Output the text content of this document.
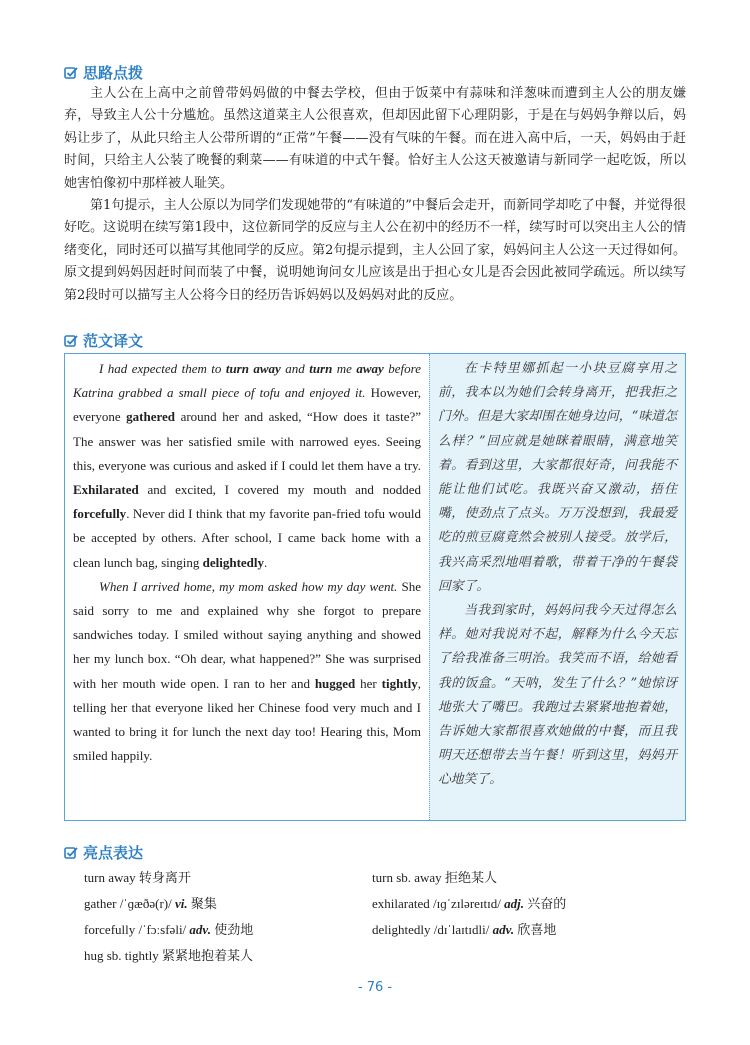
思路点拨
主人公在上高中之前曾带妈妈做的中餐去学校，但由于饭菜中有蒜味和洋葱味而遭到主人公的朋友嫌弃，导致主人公十分尴尬。虽然这道菜主人公很喜欢，但却因此留下心理阴影，于是在与妈妈争辩以后，妈妈让步了，从此只给主人公带所谓的“正常”午餐——没有气味的午餐。而在进入高中后，一天，妈妈由于赶时间，只给主人公装了晚餐的剩菜——有味道的中式午餐。恰好主人公这天被邀请与新同学一起吃饭，所以她害怕像初中那样被人耻笑。
第1句提示，主人公原以为同学们发现她带的“有味道的”中餐后会走开，而新同学却吃了中餐，并觉得很好吃。这说明在续写第1段中，这位新同学的反应与主人公在初中的经历不一样，续写时可以突出主人公的情绪变化，同时还可以描写其他同学的反应。第2句提示提到，主人公回了家，妈妈问主人公这一天过得如何。原文提到妈妈因赶时间而装了中餐，说明她询问女儿应该是出于担心女儿是否会因此被同学疏远。所以续写第2段时可以描写主人公将今日的经历告诉妈妈以及妈妈对此的反应。
范文译文

I had expected them to turn away and turn me away before Katrina grabbed a small piece of tofu and enjoyed it. However, everyone gathered around her and asked, “How does it taste?” The answer was her satisfied smile with narrowed eyes. Seeing this, everyone was curious and asked if I could let them have a try. Exhilarated and excited, I covered my mouth and nodded forcefully. Never did I think that my favorite pan-fried tofu would be accepted by others. After school, I came back home with a clean lunch bag, singing delightedly.

When I arrived home, my mom asked how my day went. She said sorry to me and explained why she forgot to prepare sandwiches today. I smiled without saying anything and showed her my lunch box. “Oh dear, what happened?” She was surprised with her mouth wide open. I ran to her and hugged her tightly, telling her that everyone liked her Chinese food very much and I wanted to bring it for lunch the next day too! Hearing this, Mom smiled happily.

在卡特里娜抓起一小块豆腐享用之前，我本以为她们会转身离开，把我拒之门外。但是大家却围在她身边问，“味道怎么样？”回应就是她眯着眼睛，满意地笑着。看到这里，大家都很好奇，问我能不能让他们试吃。我既兴奋又激动，捂住嘴，使劲点了点头。万万没想到，我最爱吃的煎豆腐竟然会被别人接受。放学后，我兴高采烈地唱着歌，带着干净的午餐袋回家了。

当我到家时，妈妈问我今天过得怎么样。她对我说对不起，解释为什么今天忘了给我准备三明治。我笑而不语，给她看我的饭盒。“天呐，发生了什么？”她惊讶地张大了嘴巴。我跑过去紧紧地抱着她，告诉她大家都很喜欢她做的中餐，而且我明天还想带去当午餐！听到这里，妈妈开心地笑了。

亮点表达
turn away 转身离开	turn sb. away 拒绝某人
gather /ˈɡæðə(r)/ vi. 聚集	exhilarated /ɪɡˈzɪləreɪtɪd/ adj. 兴奋的
forcefully /ˈfɔːsfəli/ adv. 使劲地	delightedly /dɪˈlaɪtɪdli/ adv. 欣喜地
hug sb. tightly 紧紧地抱着某人
- 76 -
